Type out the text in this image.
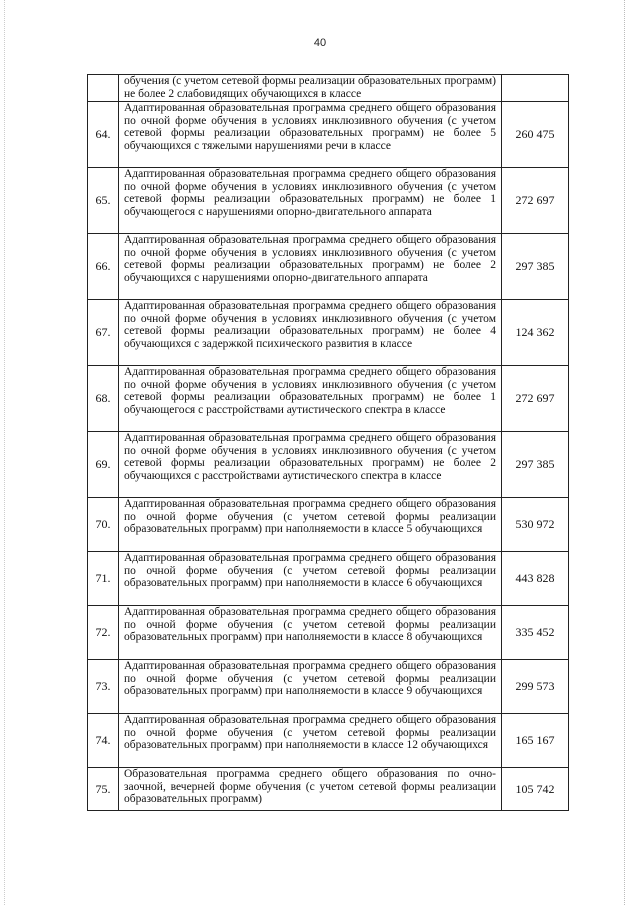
40
	обучения (с учетом сетевой формы реализации образовательных программ) не более 2 слабовидящих обучающихся в классе	
64.	Адаптированная образовательная программа среднего общего образования по очной форме обучения в условиях инклюзивного обучения (с учетом сетевой формы реализации образовательных программ) не более 5 обучающихся с тяжелыми нарушениями речи в классе	260 475
65.	Адаптированная образовательная программа среднего общего образования по очной форме обучения в условиях инклюзивного обучения (с учетом сетевой формы реализации образовательных программ) не более 1 обучающегося с нарушениями опорно-двигательного аппарата	272 697
66.	Адаптированная образовательная программа среднего общего образования по очной форме обучения в условиях инклюзивного обучения (с учетом сетевой формы реализации образовательных программ) не более 2 обучающихся с нарушениями опорно-двигательного аппарата	297 385
67.	Адаптированная образовательная программа среднего общего образования по очной форме обучения в условиях инклюзивного обучения (с учетом сетевой формы реализации образовательных программ) не более 4 обучающихся с задержкой психического развития в классе	124 362
68.	Адаптированная образовательная программа среднего общего образования по очной форме обучения в условиях инклюзивного обучения (с учетом сетевой формы реализации образовательных программ) не более 1 обучающегося с расстройствами аутистического спектра в классе	272 697
69.	Адаптированная образовательная программа среднего общего образования по очной форме обучения в условиях инклюзивного обучения (с учетом сетевой формы реализации образовательных программ) не более 2 обучающихся с расстройствами аутистического спектра в классе	297 385
70.	Адаптированная образовательная программа среднего общего образования по очной форме обучения (с учетом сетевой формы реализации образовательных программ) при наполняемости в классе 5 обучающихся	530 972
71.	Адаптированная образовательная программа среднего общего образования по очной форме обучения (с учетом сетевой формы реализации образовательных программ) при наполняемости в классе 6 обучающихся	443 828
72.	Адаптированная образовательная программа среднего общего образования по очной форме обучения (с учетом сетевой формы реализации образовательных программ) при наполняемости в классе 8 обучающихся	335 452
73.	Адаптированная образовательная программа среднего общего образования по очной форме обучения (с учетом сетевой формы реализации образовательных программ) при наполняемости в классе 9 обучающихся	299 573
74.	Адаптированная образовательная программа среднего общего образования по очной форме обучения (с учетом сетевой формы реализации образовательных программ) при наполняемости в классе 12 обучающихся	165 167
75.	Образовательная программа среднего общего образования по очно-заочной, вечерней форме обучения (с учетом сетевой формы реализации образовательных программ)	105 742
